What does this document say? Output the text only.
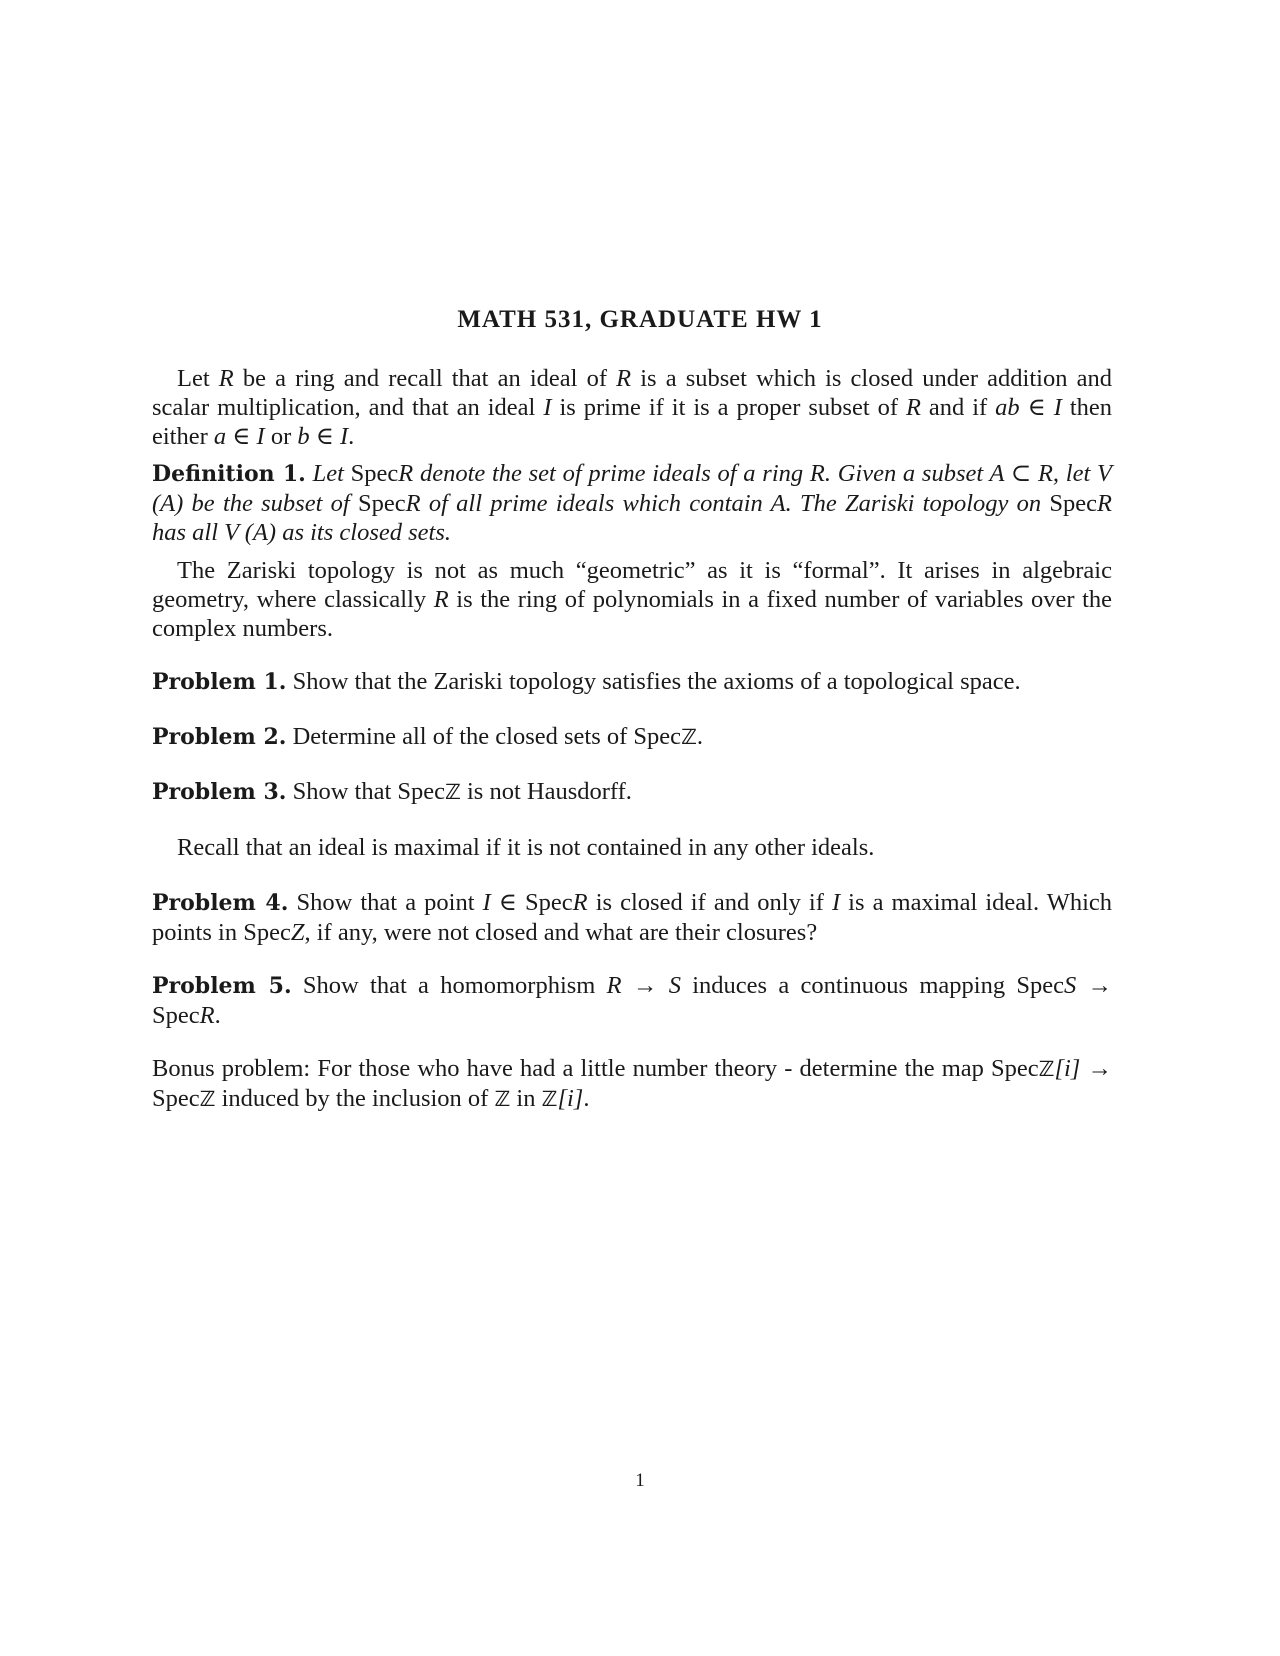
MATH 531, GRADUATE HW 1

Let R be a ring and recall that an ideal of R is a subset which is closed under addition and scalar multiplication, and that an ideal I is prime if it is a proper subset of R and if ab ∈ I then either a ∈ I or b ∈ I.

Definition 1. Let SpecR denote the set of prime ideals of a ring R. Given a subset A ⊂ R, let V (A) be the subset of SpecR of all prime ideals which contain A. The Zariski topology on SpecR has all V (A) as its closed sets.

The Zariski topology is not as much “geometric” as it is “formal”. It arises in algebraic geometry, where classically R is the ring of polynomials in a fixed number of variables over the complex numbers.

Problem 1. Show that the Zariski topology satisfies the axioms of a topological space.

Problem 2. Determine all of the closed sets of Specℤ.

Problem 3. Show that Specℤ is not Hausdorff.

Recall that an ideal is maximal if it is not contained in any other ideals.

Problem 4. Show that a point I ∈ SpecR is closed if and only if I is a maximal ideal. Which points in SpecZ, if any, were not closed and what are their closures?

Problem 5. Show that a homomorphism R → S induces a continuous mapping SpecS → SpecR.

Bonus problem: For those who have had a little number theory - determine the map Specℤ[i] → Specℤ induced by the inclusion of ℤ in ℤ[i].

1
